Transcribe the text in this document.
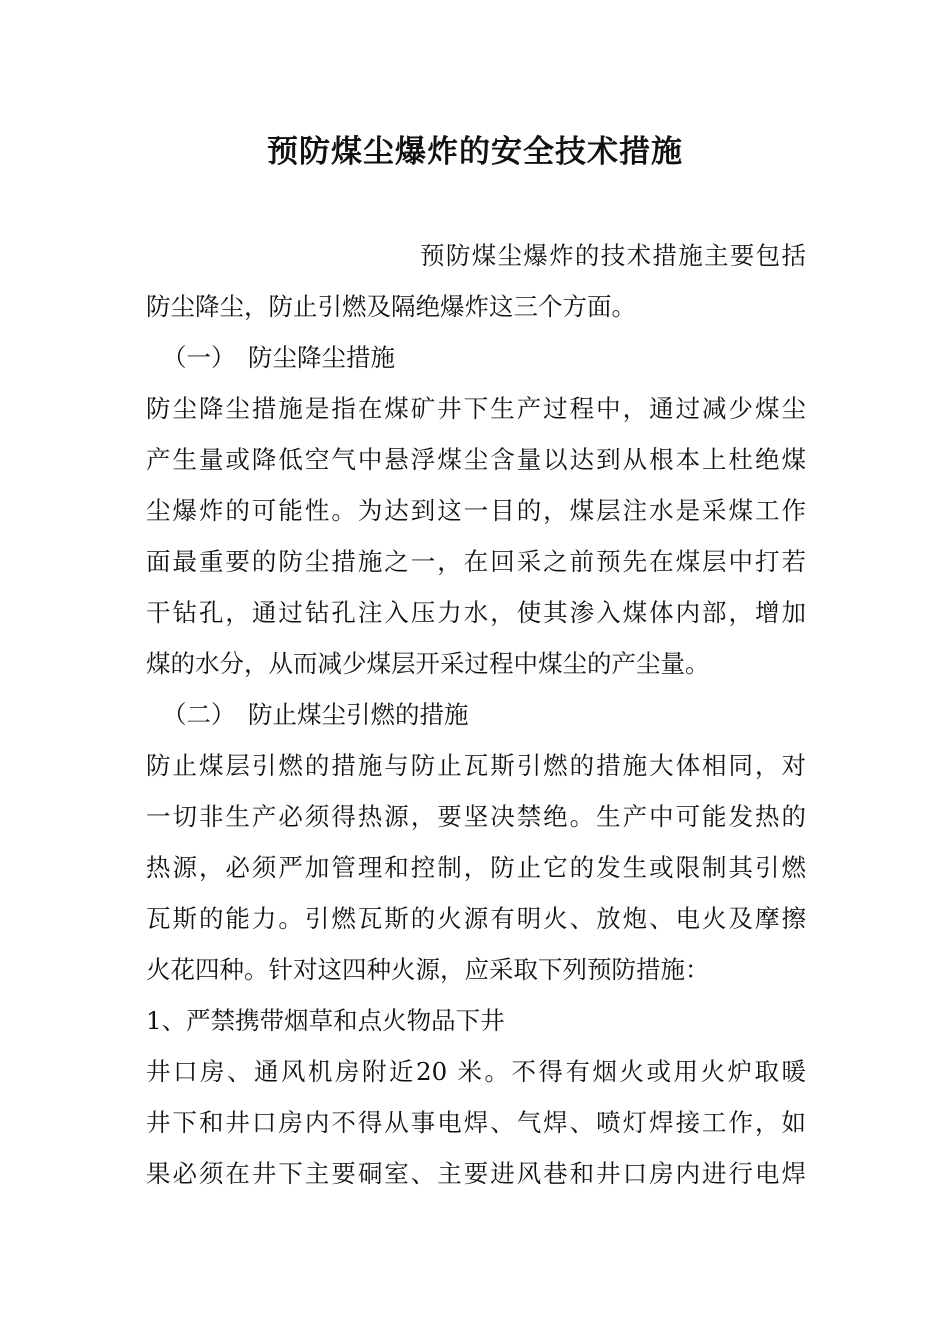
预防煤尘爆炸的安全技术措施
预防煤尘爆炸的技术措施主要包括
防尘降尘，防止引燃及隔绝爆炸这三个方面。
（一） 防尘降尘措施
防尘降尘措施是指在煤矿井下生产过程中，通过减少煤尘
产生量或降低空气中悬浮煤尘含量以达到从根本上杜绝煤
尘爆炸的可能性。为达到这一目的，煤层注水是采煤工作
面最重要的防尘措施之一，在回采之前预先在煤层中打若
干钻孔，通过钻孔注入压力水，使其渗入煤体内部，增加
煤的水分，从而减少煤层开采过程中煤尘的产尘量。
（二） 防止煤尘引燃的措施
防止煤层引燃的措施与防止瓦斯引燃的措施大体相同，对
一切非生产必须得热源，要坚决禁绝。生产中可能发热的
热源，必须严加管理和控制，防止它的发生或限制其引燃
瓦斯的能力。引燃瓦斯的火源有明火、放炮、电火及摩擦
火花四种。针对这四种火源，应采取下列预防措施：
1、严禁携带烟草和点火物品下井
井口房、通风机房附近20 米。不得有烟火或用火炉取暖
井下和井口房内不得从事电焊、气焊、喷灯焊接工作，如
果必须在井下主要硐室、主要进风巷和井口房内进行电焊
